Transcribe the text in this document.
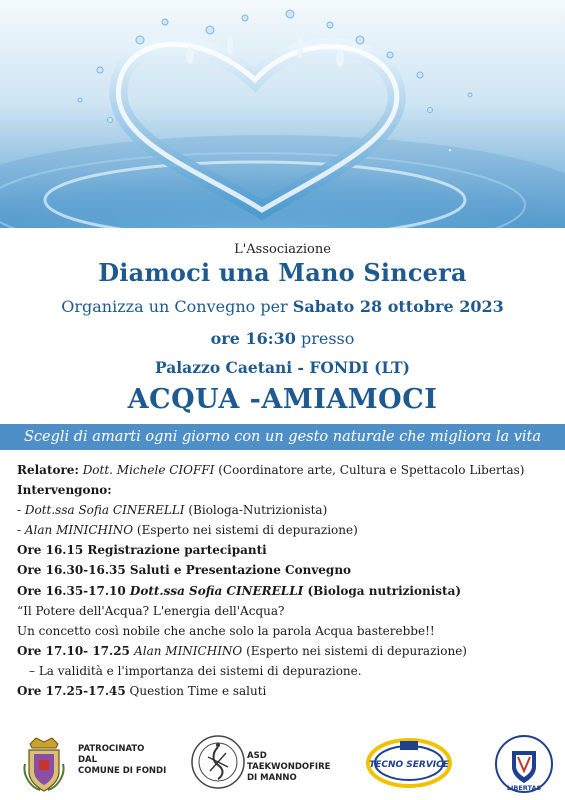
L'Associazione
Diamoci una Mano Sincera
Organizza un Convegno per Sabato 28 ottobre 2023
ore 16:30 presso
Palazzo Caetani - FONDI (LT)
ACQUA -AMIAMOCI
Scegli di amarti ogni giorno con un gesto naturale che migliora la vita
Relatore: Dott. Michele CIOFFI (Coordinatore arte, Cultura e Spettacolo Libertas)
Intervengono:
- Dott.ssa Sofia CINERELLI (Biologa-Nutrizionista)
- Alan MINICHINO (Esperto nei sistemi di depurazione)
Ore 16.15 Registrazione partecipanti
Ore 16.30-16.35 Saluti e Presentazione Convegno
Ore 16.35-17.10 Dott.ssa Sofia CINERELLI (Biologa nutrizionista)
“Il Potere dell'Acqua? L'energia dell'Acqua?
Un concetto così nobile che anche solo la parola Acqua basterebbe!!
Ore 17.10- 17.25 Alan MINICHINO (Esperto nei sistemi di depurazione)
– La validità e l'importanza dei sistemi di depurazione.
Ore 17.25-17.45 Question Time e saluti
PATROCINATO
DAL
COMUNE DI FONDI
ASD
TAEKWONDOFIRE
DI MANNO
TECNO SERVICE
LIBERTAS
